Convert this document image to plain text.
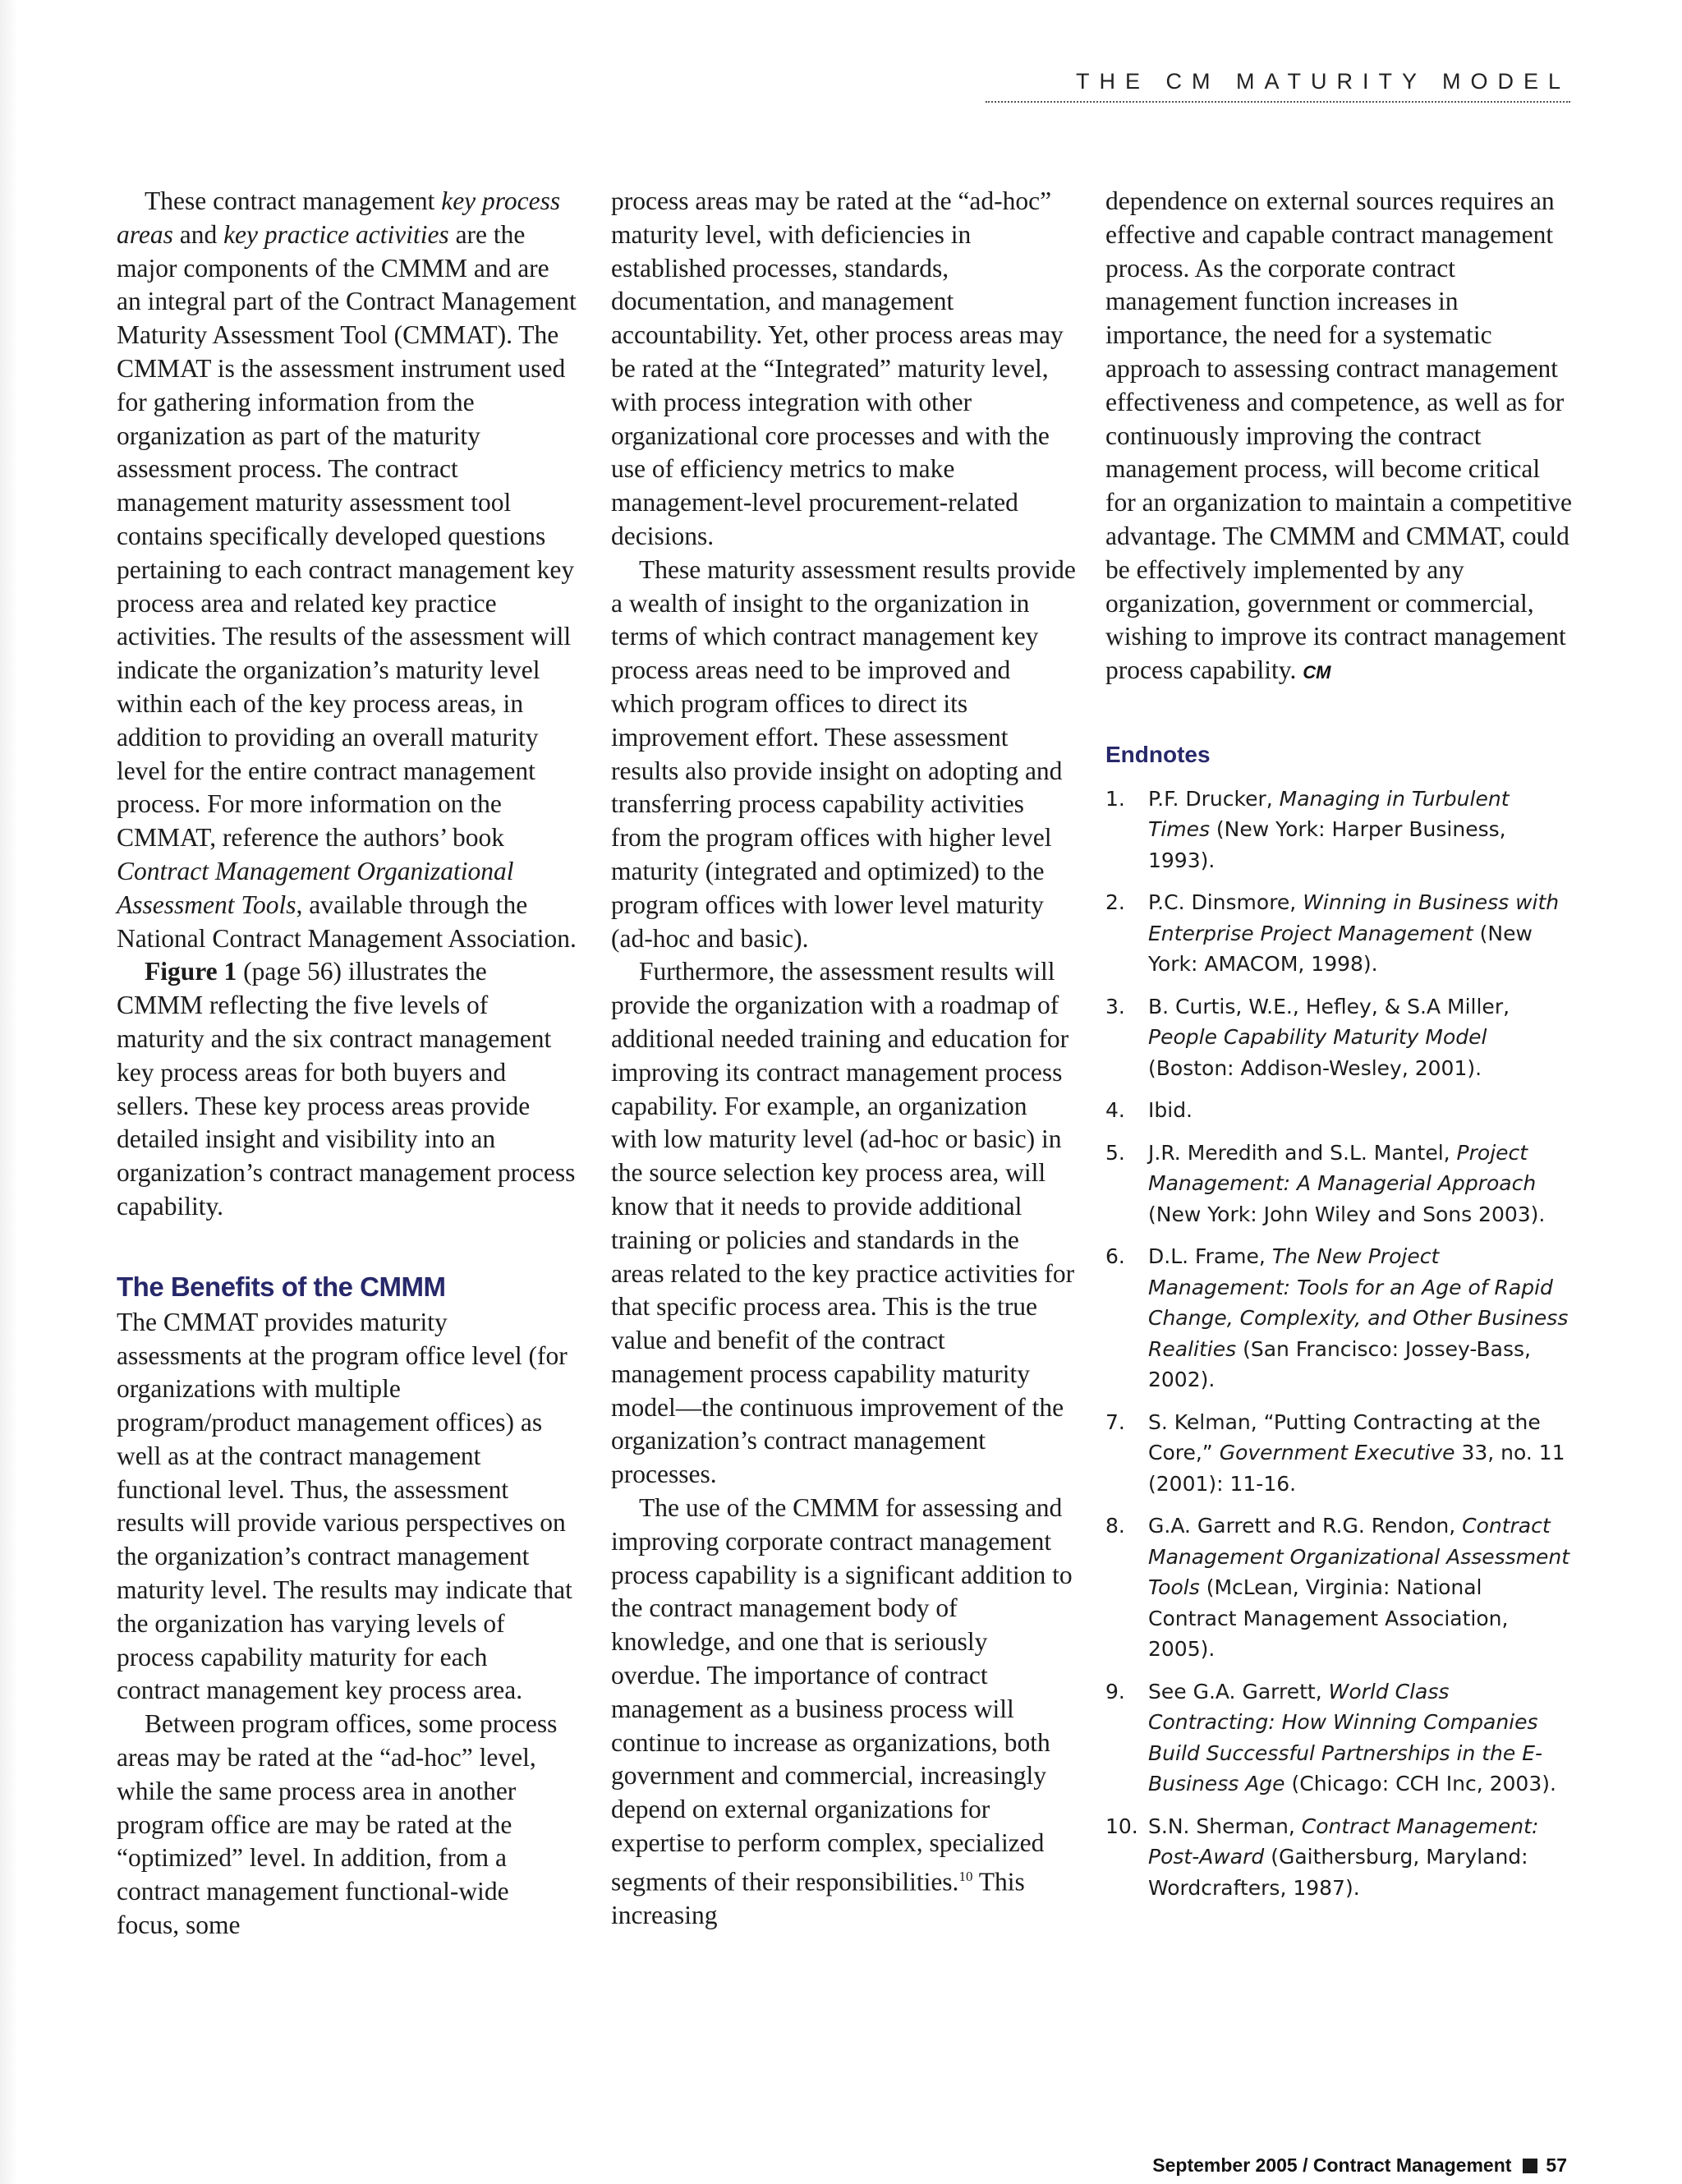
THE CM MATURITY MODEL

These contract management key process areas and key practice activities are the major components of the CMMM and are an integral part of the Contract Management Maturity Assessment Tool (CMMAT). The CMMAT is the assessment instrument used for gathering information from the organization as part of the maturity assessment process. The contract management maturity assessment tool contains specifically developed questions pertaining to each contract management key process area and related key practice activities. The results of the assessment will indicate the organization’s maturity level within each of the key process areas, in addition to providing an overall maturity level for the entire contract management process. For more information on the CMMAT, reference the authors’ book Contract Management Organizational Assessment Tools, available through the National Contract Management Association.

Figure 1 (page 56) illustrates the CMMM reflecting the five levels of maturity and the six contract management key process areas for both buyers and sellers. These key process areas provide detailed insight and visibility into an organization’s contract management process capability.

The Benefits of the CMMM

The CMMAT provides maturity assessments at the program office level (for organizations with multiple program/product management offices) as well as at the contract management functional level. Thus, the assessment results will provide various perspectives on the organization’s contract management maturity level. The results may indicate that the organization has varying levels of process capability maturity for each contract management key process area.

Between program offices, some process areas may be rated at the “ad-hoc” level, while the same process area in another program office are may be rated at the “optimized” level. In addition, from a contract management functional-wide focus, some

process areas may be rated at the “ad-hoc” maturity level, with deficiencies in established processes, standards, documentation, and management accountability. Yet, other process areas may be rated at the “Integrated” maturity level, with process integration with other organizational core processes and with the use of efficiency metrics to make management-level procurement-related decisions.

These maturity assessment results provide a wealth of insight to the organization in terms of which contract management key process areas need to be improved and which program offices to direct its improvement effort. These assessment results also provide insight on adopting and transferring process capability activities from the program offices with higher level maturity (integrated and optimized) to the program offices with lower level maturity (ad-hoc and basic).

Furthermore, the assessment results will provide the organization with a roadmap of additional needed training and education for improving its contract management process capability. For example, an organization with low maturity level (ad-hoc or basic) in the source selection key process area, will know that it needs to provide additional training or policies and standards in the areas related to the key practice activities for that specific process area. This is the true value and benefit of the contract management process capability maturity model—the continuous improvement of the organization’s contract management processes.

The use of the CMMM for assessing and improving corporate contract management process capability is a significant addition to the contract management body of knowledge, and one that is seriously overdue. The importance of contract management as a business process will continue to increase as organizations, both government and commercial, increasingly depend on external organizations for expertise to perform complex, specialized segments of their responsibilities.$^{10}$ This increasing

dependence on external sources requires an effective and capable contract management process. As the corporate contract management function increases in importance, the need for a systematic approach to assessing contract management effectiveness and competence, as well as for continuously improving the contract management process, will become critical for an organization to maintain a competitive advantage. The CMMM and CMMAT, could be effectively implemented by any organization, government or commercial, wishing to improve its contract management process capability. CM

Endnotes
1. P.F. Drucker, Managing in Turbulent Times (New York: Harper Business, 1993).
2. P.C. Dinsmore, Winning in Business with Enterprise Project Management (New York: AMACOM, 1998).
3. B. Curtis, W.E., Hefley, & S.A Miller, People Capability Maturity Model (Boston: Addison-Wesley, 2001).
4. Ibid.
5. J.R. Meredith and S.L. Mantel, Project Management: A Managerial Approach (New York: John Wiley and Sons 2003).
6. D.L. Frame, The New Project Management: Tools for an Age of Rapid Change, Complexity, and Other Business Realities (San Francisco: Jossey-Bass, 2002).
7. S. Kelman, “Putting Contracting at the Core,” Government Executive 33, no. 11 (2001): 11-16.
8. G.A. Garrett and R.G. Rendon, Contract Management Organizational Assessment Tools (McLean, Virginia: National Contract Management Association, 2005).
9. See G.A. Garrett, World Class Contracting: How Winning Companies Build Successful Partnerships in the E-Business Age (Chicago: CCH Inc, 2003).
10. S.N. Sherman, Contract Management: Post-Award (Gaithersburg, Maryland: Wordcrafters, 1987).
September 2005 / Contract Management 57
